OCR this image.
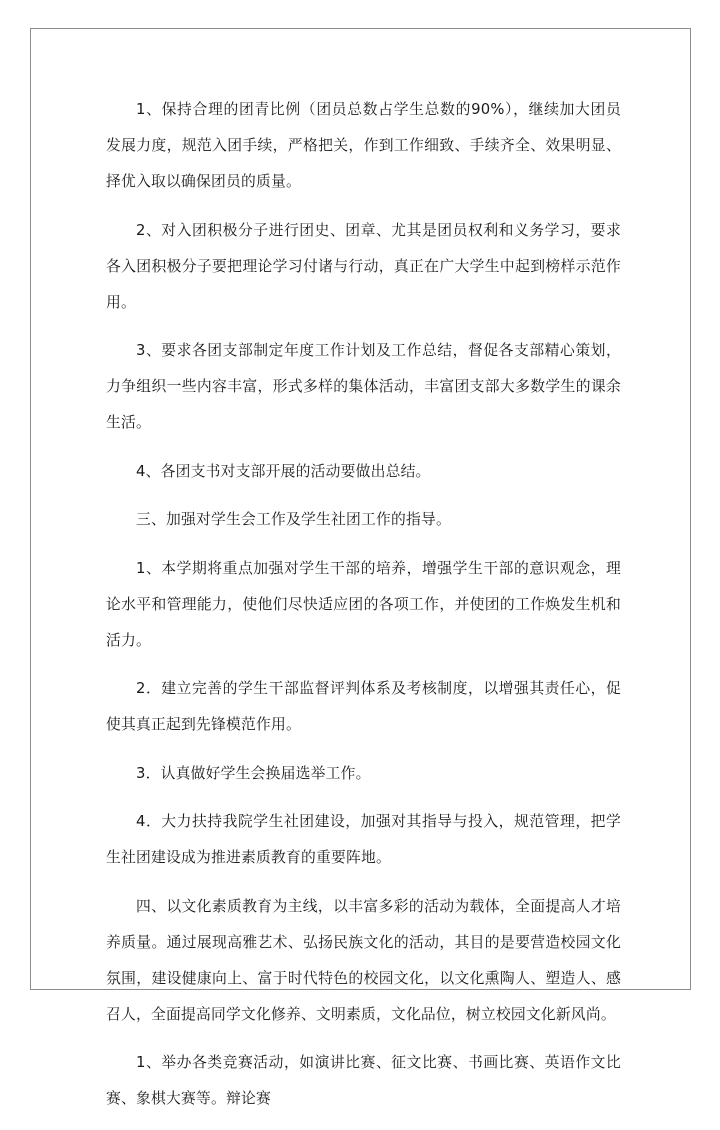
1、保持合理的团青比例（团员总数占学生总数的90%），继续加大团员发展力度，规范入团手续，严格把关，作到工作细致、手续齐全、效果明显、择优入取以确保团员的质量。

2、对入团积极分子进行团史、团章、尤其是团员权利和义务学习，要求各入团积极分子要把理论学习付诸与行动，真正在广大学生中起到榜样示范作用。

3、要求各团支部制定年度工作计划及工作总结，督促各支部精心策划，力争组织一些内容丰富，形式多样的集体活动，丰富团支部大多数学生的课余生活。

4、各团支书对支部开展的活动要做出总结。

三、加强对学生会工作及学生社团工作的指导。

1、本学期将重点加强对学生干部的培养，增强学生干部的意识观念，理论水平和管理能力，使他们尽快适应团的各项工作，并使团的工作焕发生机和活力。

2．建立完善的学生干部监督评判体系及考核制度，以增强其责任心，促使其真正起到先锋模范作用。

3．认真做好学生会换届选举工作。

4．大力扶持我院学生社团建设，加强对其指导与投入，规范管理，把学生社团建设成为推进素质教育的重要阵地。

四、以文化素质教育为主线，以丰富多彩的活动为载体，全面提高人才培养质量。通过展现高雅艺术、弘扬民族文化的活动，其目的是要营造校园文化氛围，建设健康向上、富于时代特色的校园文化，以文化熏陶人、塑造人、感召人，全面提高同学文化修养、文明素质，文化品位，树立校园文化新风尚。

1、举办各类竞赛活动，如演讲比赛、征文比赛、书画比赛、英语作文比赛、象棋大赛等。辩论赛
